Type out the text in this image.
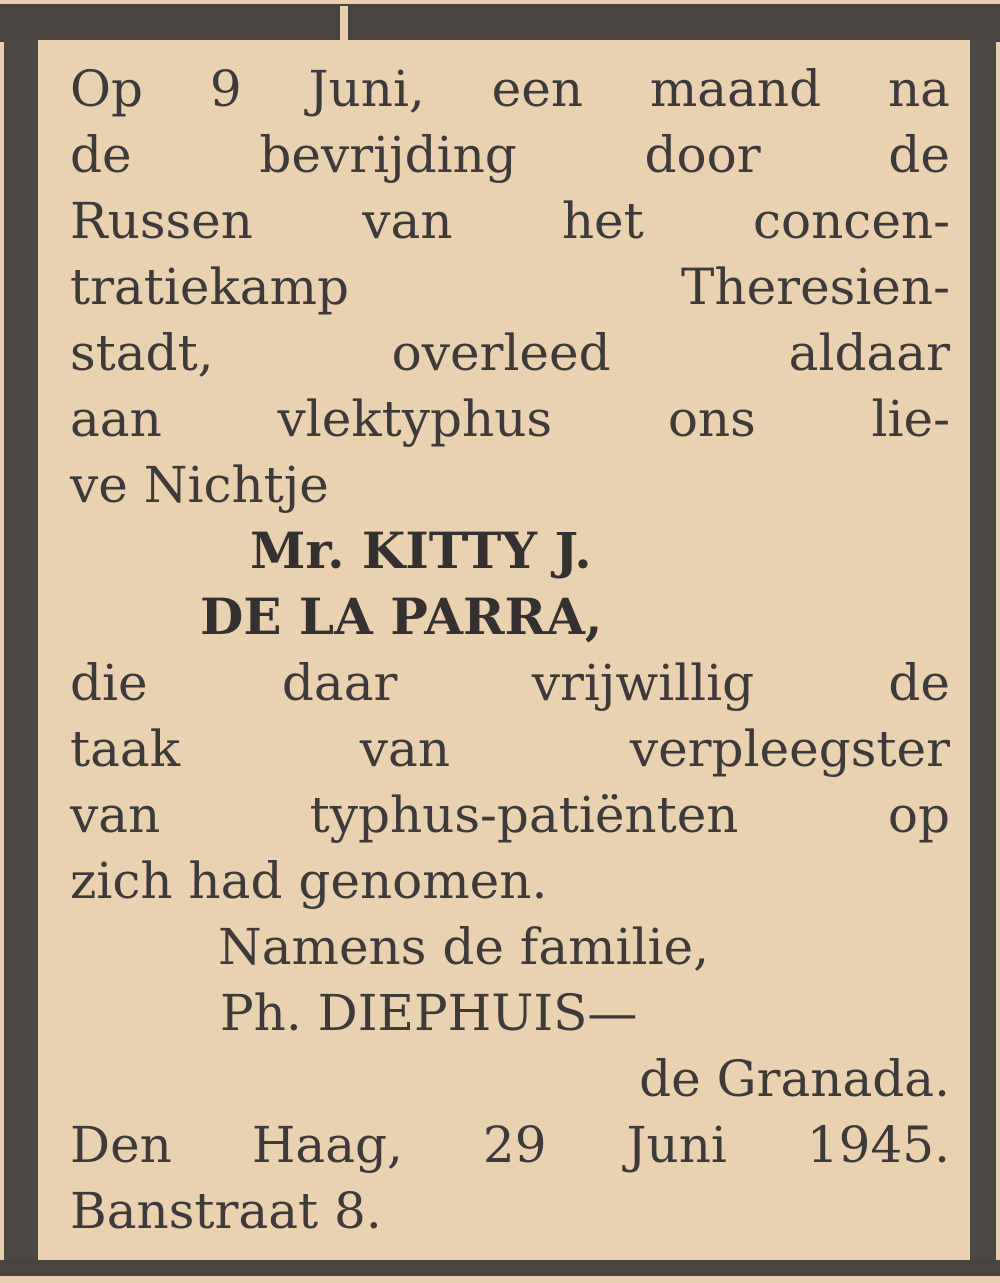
Op 9 Juni, een maand na
de bevrijding door de
Russen van het concen-
tratiekamp Theresien-
stadt, overleed aldaar
aan vlektyphus ons lie-
ve Nichtje
Mr. KITTY J.
DE LA PARRA,
die daar vrijwillig de
taak van verpleegster
van typhus-patiënten op
zich had genomen.
Namens de familie,
Ph. DIEPHUIS—
de Granada.
Den Haag, 29 Juni 1945.
Banstraat 8.
